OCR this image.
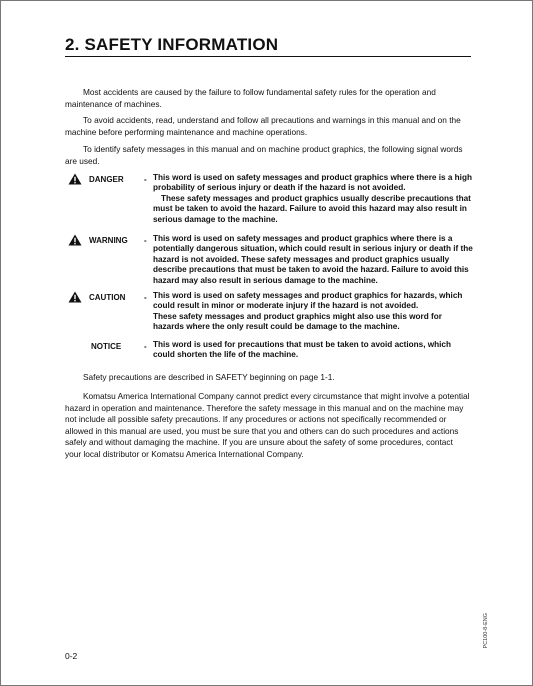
2. SAFETY INFORMATION

Most accidents are caused by the failure to follow fundamental safety rules for the operation and maintenance of machines.

To avoid accidents, read, understand and follow all precautions and warnings in this manual and on the machine before performing maintenance and machine operations.

To identify safety messages in this manual and on machine product graphics, the following signal words are used.

DANGER	- This word is used on safety messages and product graphics where there is a high probability of serious injury or death if the hazard is not avoided.

These safety messages and product graphics usually describe precautions that must be taken to avoid the hazard. Failure to avoid this hazard may also result in serious damage to the machine.

WARNING - This word is used on safety messages and product graphics where there is a potentially dangerous situation, which could result in serious injury or death if the hazard is not avoided. These safety messages and product graphics usually describe precautions that must be taken to avoid the hazard. Failure to avoid this hazard may also result in serious damage to the machine.

CAUTION - This word is used on safety messages and product graphics for hazards, which could result in minor or moderate injury if the hazard is not avoided.

These safety messages and product graphics might also use this word for hazards where the only result could be damage to the machine.

NOTICE	- This word is used for precautions that must be taken to avoid actions, which could shorten the life of the machine.

Safety precautions are described in SAFETY beginning on page 1-1.

Komatsu America International Company cannot predict every circumstance that might involve a potential hazard in operation and maintenance. Therefore the safety message in this manual and on the machine may not include all possible safety precautions. If any procedures or actions not specifically recommended or allowed in this manual are used, you must be sure that you and others can do such procedures and actions safely and without damaging the machine. If you are unsure about the safety of some procedures, contact your local distributor or Komatsu America International Company.

PC100-8-ENG
0-2
